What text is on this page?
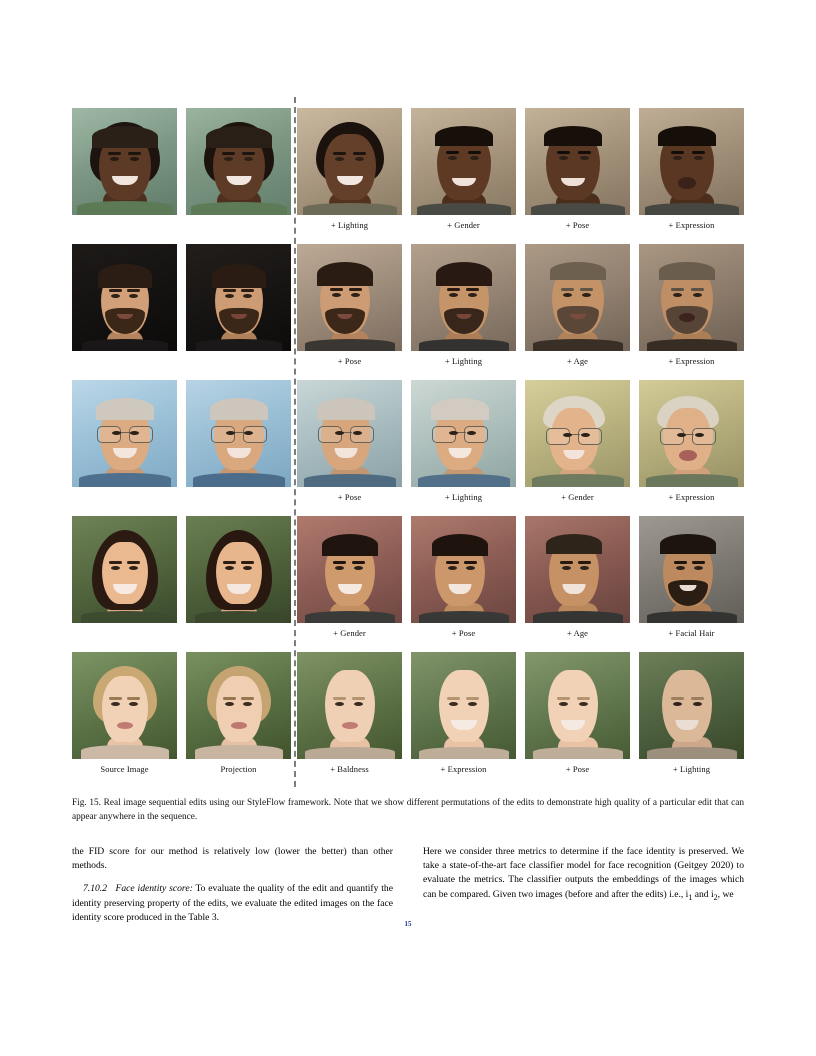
+ Lighting	+ Gender	+ Pose	+ Expression
+ Pose	+ Lighting	+ Age	+ Expression
+ Pose	+ Lighting	+ Gender	+ Expression
+ Gender	+ Pose	+ Age	+ Facial Hair
Source Image	Projection	+ Baldness	+ Expression	+ Pose	+ Lighting
Fig. 15. Real image sequential edits using our StyleFlow framework. Note that we show different permutations of the edits to demonstrate high quality of a particular edit that can appear anywhere in the sequence.

the FID score for our method is relatively low (lower the better) than other methods.

7.10.2 Face identity score: To evaluate the quality of the edit and quantify the identity preserving property of the edits, we evaluate the edited images on the face identity score produced in the Table 3.

Here we consider three metrics to determine if the face identity is preserved. We take a state-of-the-art face classifier model for face recognition (Geitgey 2020) to evaluate the metrics. The classifier outputs the embeddings of the images which can be compared. Given two images (before and after the edits) i.e., $i_1$ and $i_2$, we

15
